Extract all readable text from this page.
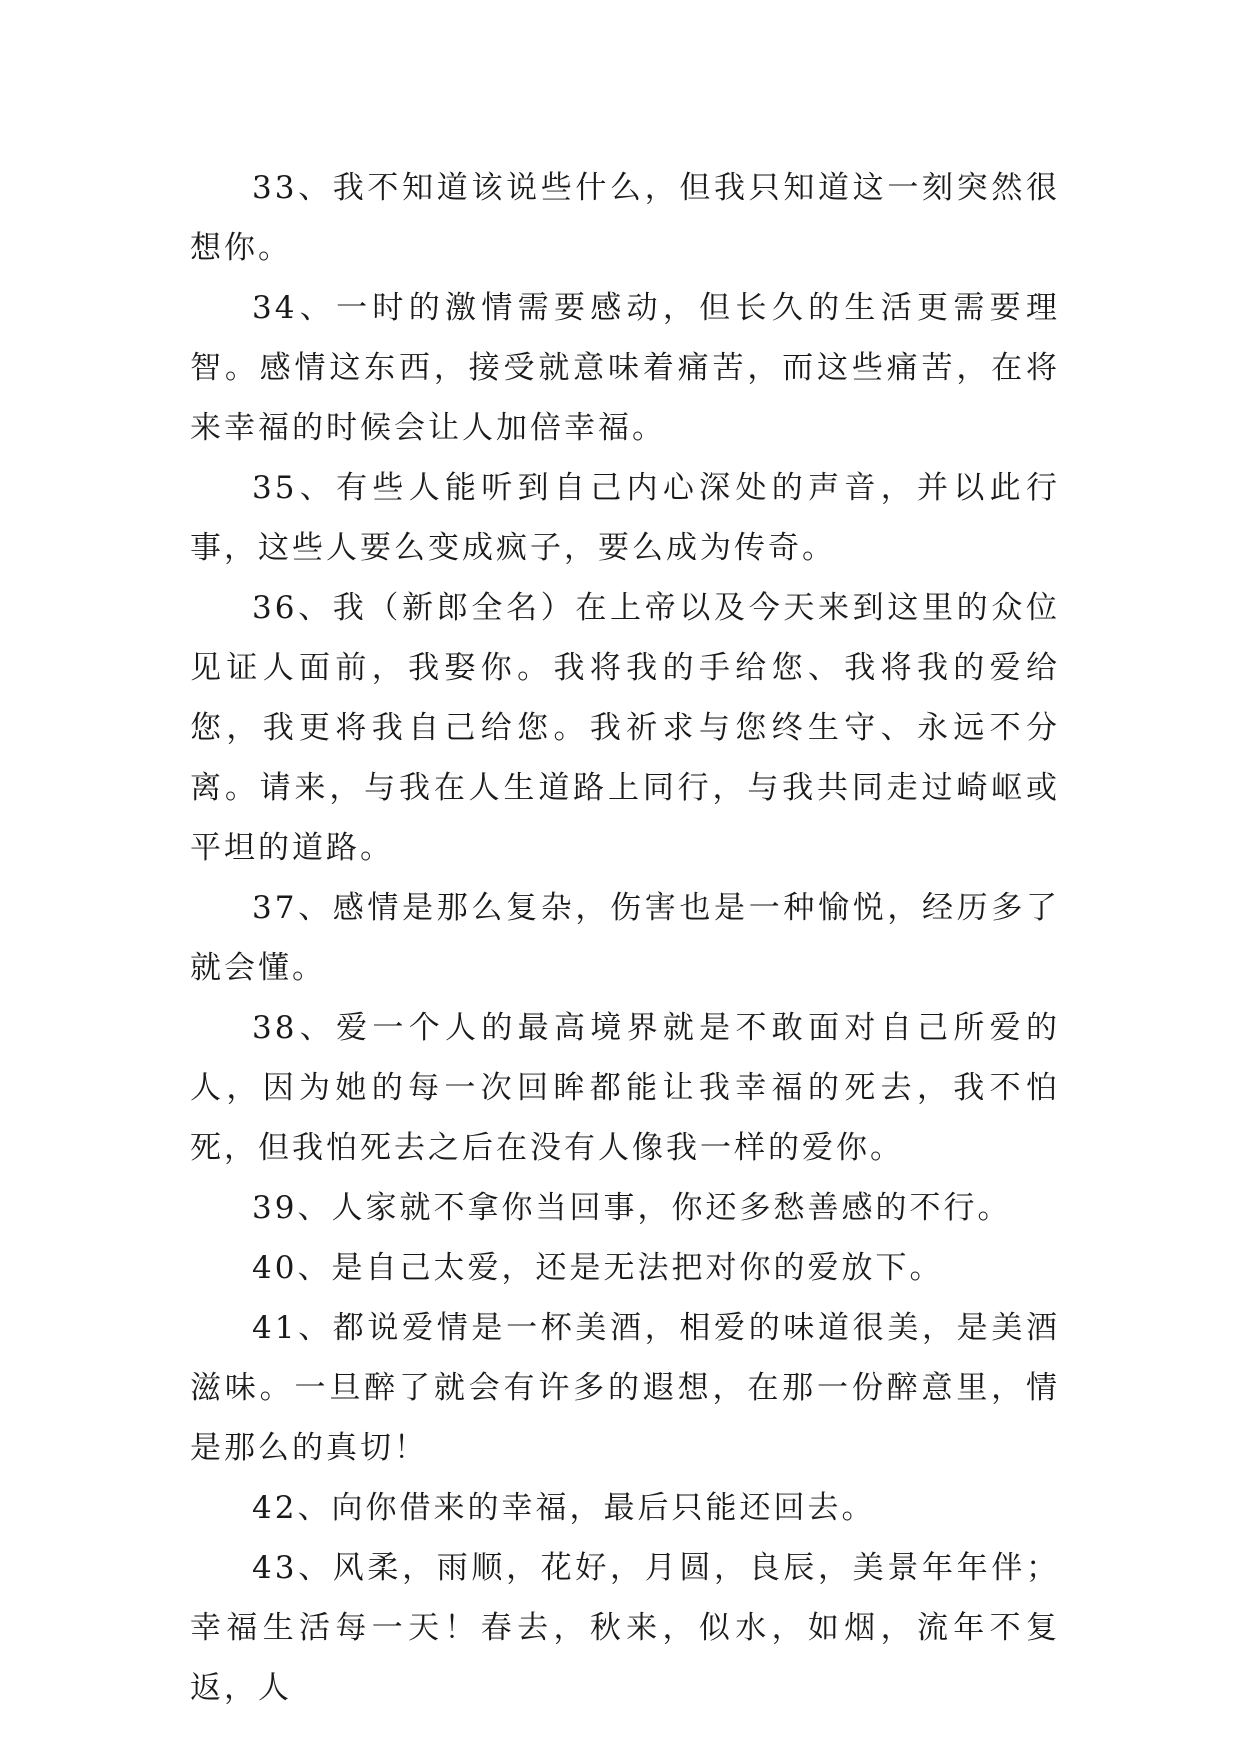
33、我不知道该说些什么，但我只知道这一刻突然很想你。

34、一时的激情需要感动，但长久的生活更需要理智。感情这东西，接受就意味着痛苦，而这些痛苦，在将来幸福的时候会让人加倍幸福。

35、有些人能听到自己内心深处的声音，并以此行事，这些人要么变成疯子，要么成为传奇。

36、我（新郎全名）在上帝以及今天来到这里的众位见证人面前，我娶你。我将我的手给您、我将我的爱给您，我更将我自己给您。我祈求与您终生守、永远不分离。请来，与我在人生道路上同行，与我共同走过崎岖或平坦的道路。

37、感情是那么复杂，伤害也是一种愉悦，经历多了就会懂。

38、爱一个人的最高境界就是不敢面对自己所爱的人，因为她的每一次回眸都能让我幸福的死去，我不怕死，但我怕死去之后在没有人像我一样的爱你。

39、人家就不拿你当回事，你还多愁善感的不行。

40、是自己太爱，还是无法把对你的爱放下。

41、都说爱情是一杯美酒，相爱的味道很美，是美酒滋味。一旦醉了就会有许多的遐想，在那一份醉意里，情是那么的真切！

42、向你借来的幸福，最后只能还回去。

43、风柔，雨顺，花好，月圆，良辰，美景年年伴；幸福生活每一天！春去，秋来，似水，如烟，流年不复返，人
